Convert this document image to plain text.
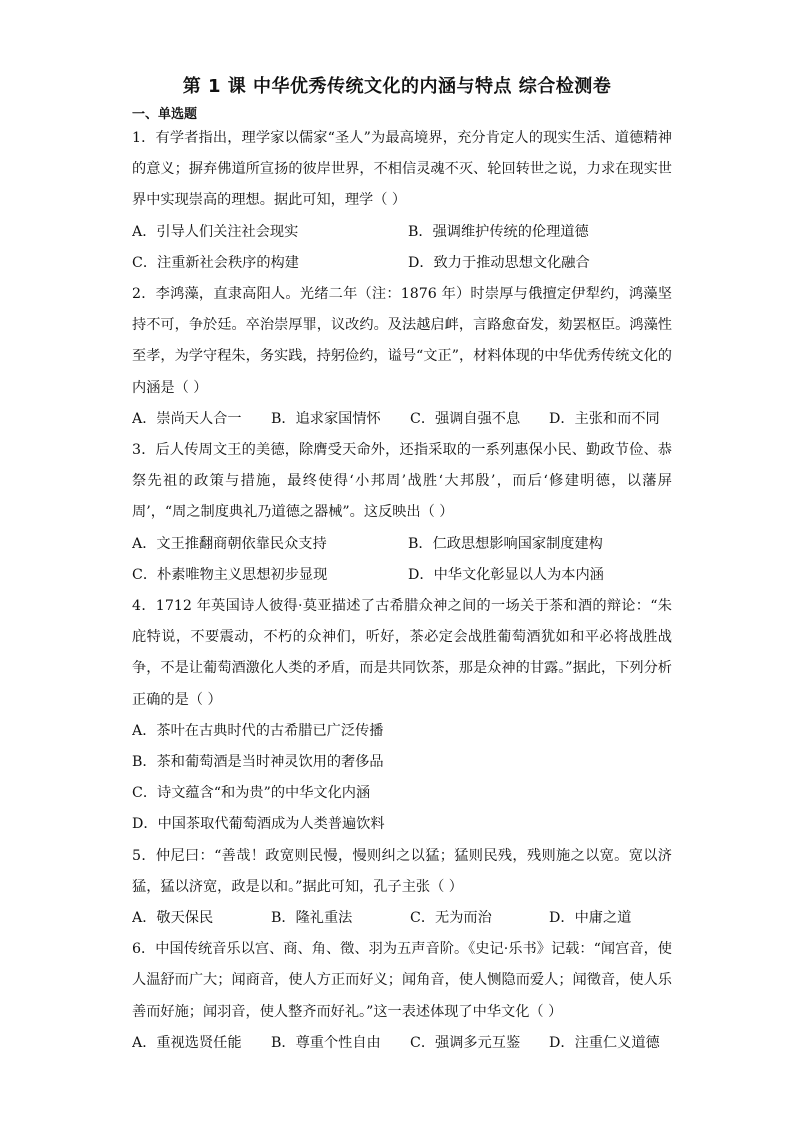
第 1 课 中华优秀传统文化的内涵与特点 综合检测卷
一、单选题

1．有学者指出，理学家以儒家“圣人”为最高境界，充分肯定人的现实生活、道德精神的意义；摒弃佛道所宣扬的彼岸世界，不相信灵魂不灭、轮回转世之说，力求在现实世界中实现崇高的理想。据此可知，理学（ ）

A．引导人们关注社会现实	B．强调维护传统的伦理道德
C．注重新社会秩序的构建	D．致力于推动思想文化融合

2．李鸿藻，直隶高阳人。光绪二年（注：1876 年）时崇厚与俄擅定伊犁约，鸿藻坚持不可，争於廷。卒治崇厚罪，议改约。及法越启衅，言路愈奋发，劾罢枢臣。鸿藻性至孝，为学守程朱，务实践，持躬俭约，谥号“文正”，材料体现的中华优秀传统文化的内涵是（ ）

A．崇尚天人合一	B．追求家国情怀	C．强调自强不息	D．主张和而不同

3．后人传周文王的美德，除膺受天命外，还指采取的一系列惠保小民、勤政节俭、恭祭先祖的政策与措施，最终使得‘小邦周’战胜‘大邦殷’，而后‘修建明德，以藩屏周’，“周之制度典礼乃道德之器械”。这反映出（ ）

A．文王推翻商朝依靠民众支持	B．仁政思想影响国家制度建构
C．朴素唯物主义思想初步显现	D．中华文化彰显以人为本内涵

4．1712 年英国诗人彼得·莫亚描述了古希腊众神之间的一场关于茶和酒的辩论：“朱庇特说，不要震动，不朽的众神们，听好，茶必定会战胜葡萄酒犹如和平必将战胜战争，不是让葡萄酒激化人类的矛盾，而是共同饮茶，那是众神的甘露。”据此，下列分析正确的是（ ）

A．茶叶在古典时代的古希腊已广泛传播
B．茶和葡萄酒是当时神灵饮用的奢侈品
C．诗文蕴含“和为贵”的中华文化内涵
D．中国茶取代葡萄酒成为人类普遍饮料

5．仲尼曰：“善哉！政宽则民慢，慢则纠之以猛；猛则民残，残则施之以宽。宽以济猛，猛以济宽，政是以和。”据此可知，孔子主张（ ）

A．敬天保民	B．隆礼重法	C．无为而治	D．中庸之道

6．中国传统音乐以宫、商、角、徵、羽为五声音阶。《史记·乐书》记载：“闻宫音，使人温舒而广大；闻商音，使人方正而好义；闻角音，使人恻隐而爱人；闻徵音，使人乐善而好施；闻羽音，使人整齐而好礼。”这一表述体现了中华文化（ ）

A．重视选贤任能	B．尊重个性自由	C．强调多元互鉴	D．注重仁义道德
